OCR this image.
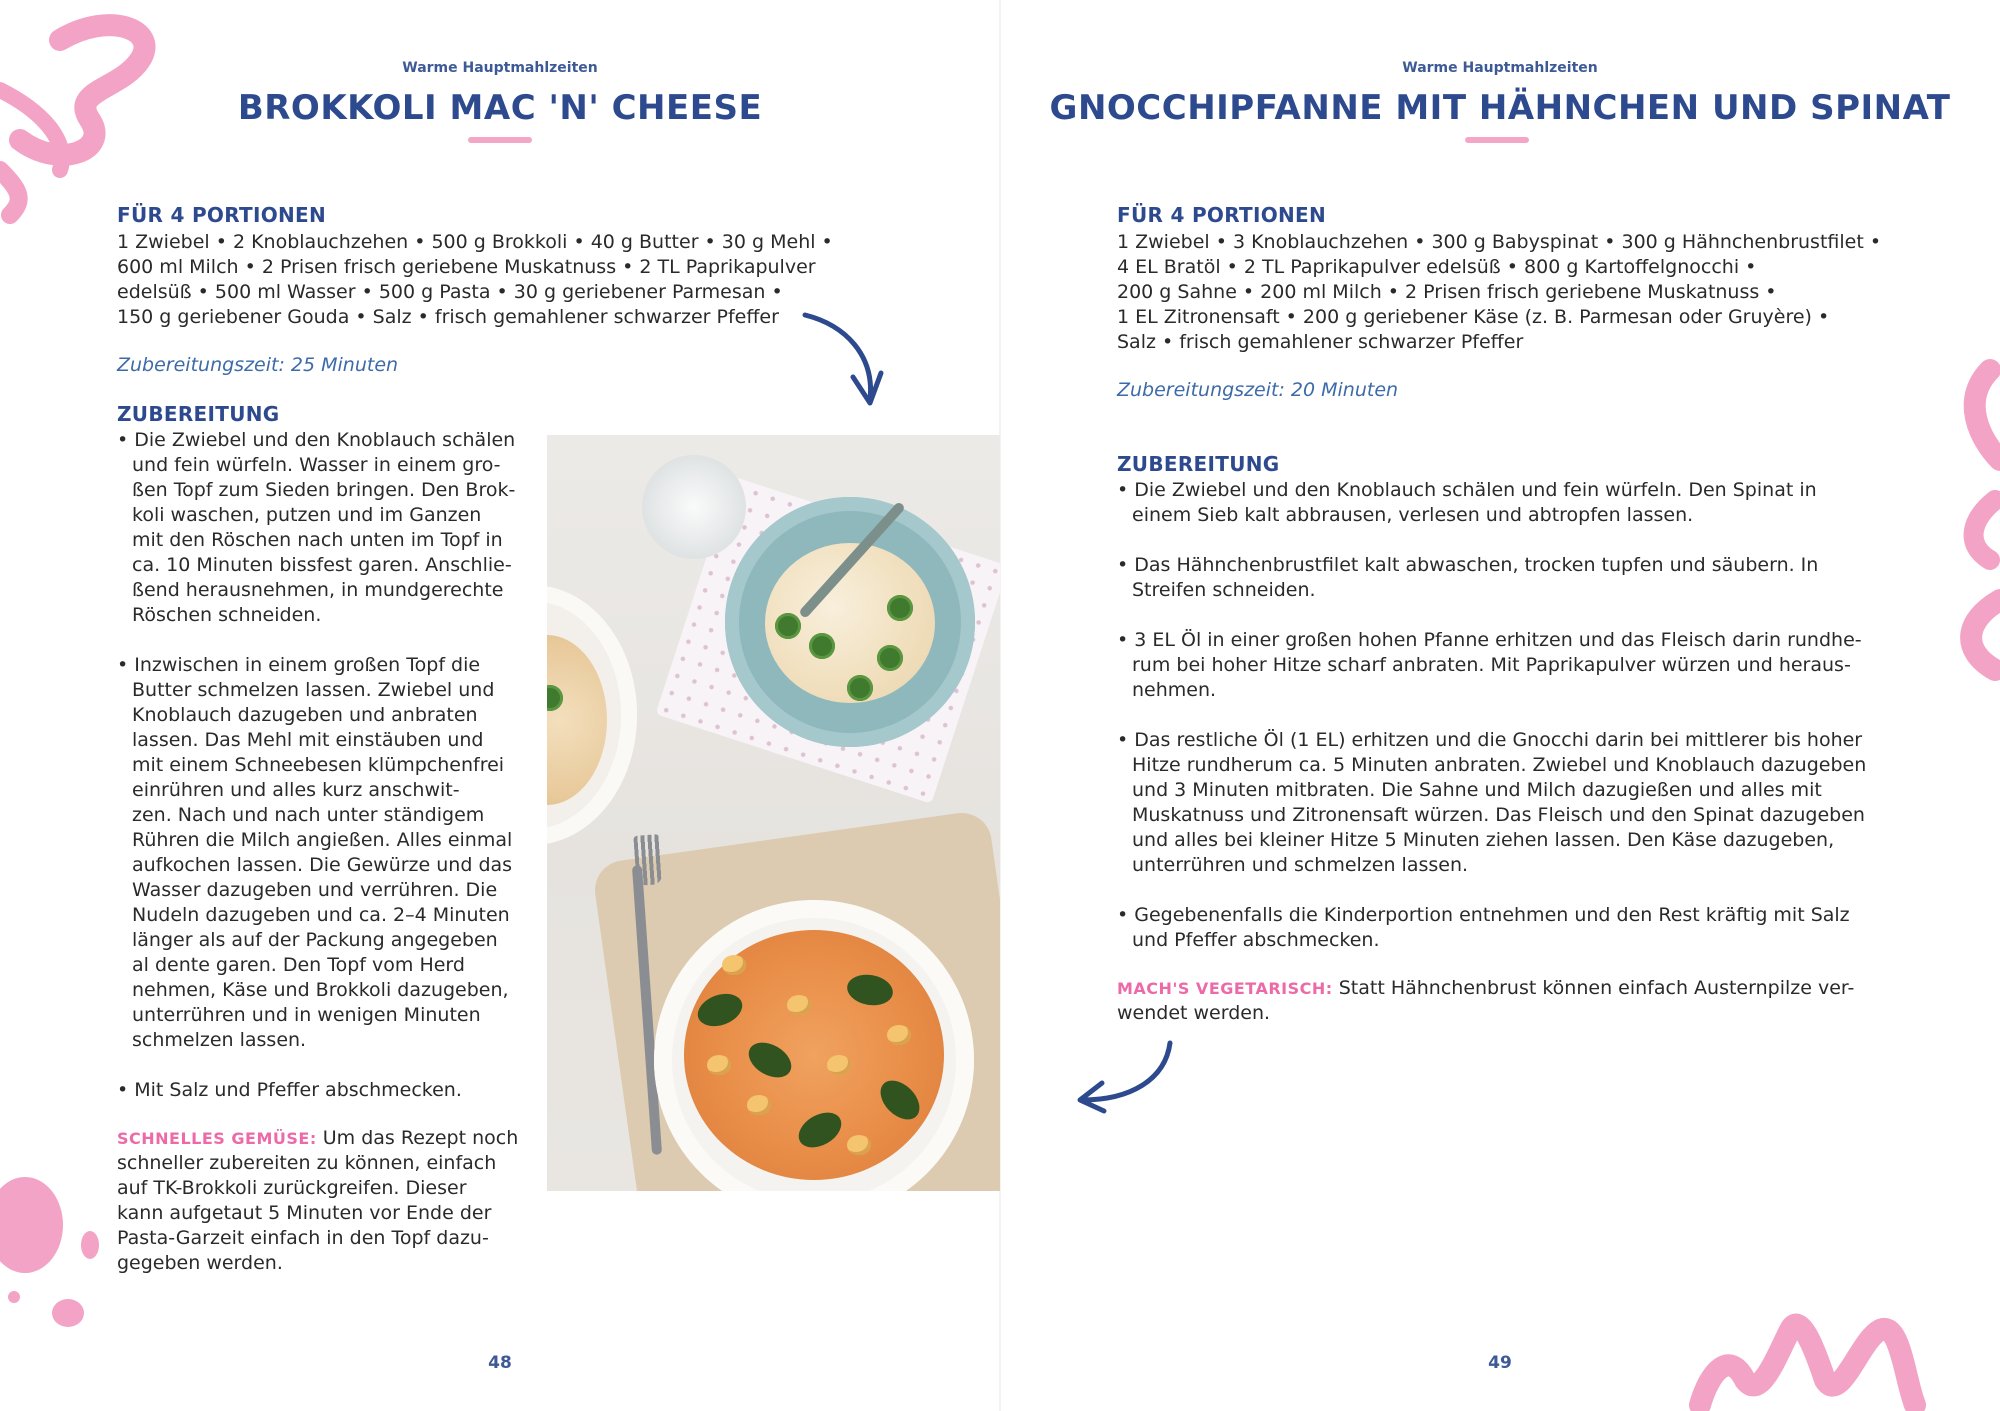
Warme Hauptmahlzeiten
BROKKOLI MAC 'N' CHEESE
FÜR 4 PORTIONEN
1 Zwiebel • 2 Knoblauchzehen • 500 g Brokkoli • 40 g Butter • 30 g Mehl •
600 ml Milch • 2 Prisen frisch geriebene Muskatnuss • 2 TL Paprikapulver
edelsüß • 500 ml Wasser • 500 g Pasta • 30 g geriebener Parmesan •
150 g geriebener Gouda • Salz • frisch gemahlener schwarzer Pfeffer
Zubereitungszeit: 25 Minuten
ZUBEREITUNG

• Die Zwiebel und den Knoblauch schälen
und fein würfeln. Wasser in einem gro-
ßen Topf zum Sieden bringen. Den Brok-
koli waschen, putzen und im Ganzen
mit den Röschen nach unten im Topf in
ca. 10 Minuten bissfest garen. Anschlie-
ßend herausnehmen, in mundgerechte
Röschen schneiden.

• Inzwischen in einem großen Topf die
Butter schmelzen lassen. Zwiebel und
Knoblauch dazugeben und anbraten
lassen. Das Mehl mit einstäuben und
mit einem Schneebesen klümpchenfrei
einrühren und alles kurz anschwit-
zen. Nach und nach unter ständigem
Rühren die Milch angießen. Alles einmal
aufkochen lassen. Die Gewürze und das
Wasser dazugeben und verrühren. Die
Nudeln dazugeben und ca. 2–4 Minuten
länger als auf der Packung angegeben
al dente garen. Den Topf vom Herd
nehmen, Käse und Brokkoli dazugeben,
unterrühren und in wenigen Minuten
schmelzen lassen.

• Mit Salz und Pfeffer abschmecken.

SCHNELLES GEMÜSE: Um das Rezept noch
schneller zubereiten zu können, einfach
auf TK-Brokkoli zurückgreifen. Dieser
kann aufgetaut 5 Minuten vor Ende der
Pasta-Garzeit einfach in den Topf dazu-
gegeben werden.
48
Warme Hauptmahlzeiten
GNOCCHIPFANNE MIT HÄHNCHEN UND SPINAT
FÜR 4 PORTIONEN
1 Zwiebel • 3 Knoblauchzehen • 300 g Babyspinat • 300 g Hähnchenbrustfilet •
4 EL Bratöl • 2 TL Paprikapulver edelsüß • 800 g Kartoffelgnocchi •
200 g Sahne • 200 ml Milch • 2 Prisen frisch geriebene Muskatnuss •
1 EL Zitronensaft • 200 g geriebener Käse (z. B. Parmesan oder Gruyère) •
Salz • frisch gemahlener schwarzer Pfeffer
Zubereitungszeit: 20 Minuten
ZUBEREITUNG

• Die Zwiebel und den Knoblauch schälen und fein würfeln. Den Spinat in
einem Sieb kalt abbrausen, verlesen und abtropfen lassen.

• Das Hähnchenbrustfilet kalt abwaschen, trocken tupfen und säubern. In
Streifen schneiden.

• 3 EL Öl in einer großen hohen Pfanne erhitzen und das Fleisch darin rundhe-
rum bei hoher Hitze scharf anbraten. Mit Paprikapulver würzen und heraus-
nehmen.

• Das restliche Öl (1 EL) erhitzen und die Gnocchi darin bei mittlerer bis hoher
Hitze rundherum ca. 5 Minuten anbraten. Zwiebel und Knoblauch dazugeben
und 3 Minuten mitbraten. Die Sahne und Milch dazugießen und alles mit
Muskatnuss und Zitronensaft würzen. Das Fleisch und den Spinat dazugeben
und alles bei kleiner Hitze 5 Minuten ziehen lassen. Den Käse dazugeben,
unterrühren und schmelzen lassen.

• Gegebenenfalls die Kinderportion entnehmen und den Rest kräftig mit Salz
und Pfeffer abschmecken.

MACH'S VEGETARISCH: Statt Hähnchenbrust können einfach Austernpilze ver-
wendet werden.
49
